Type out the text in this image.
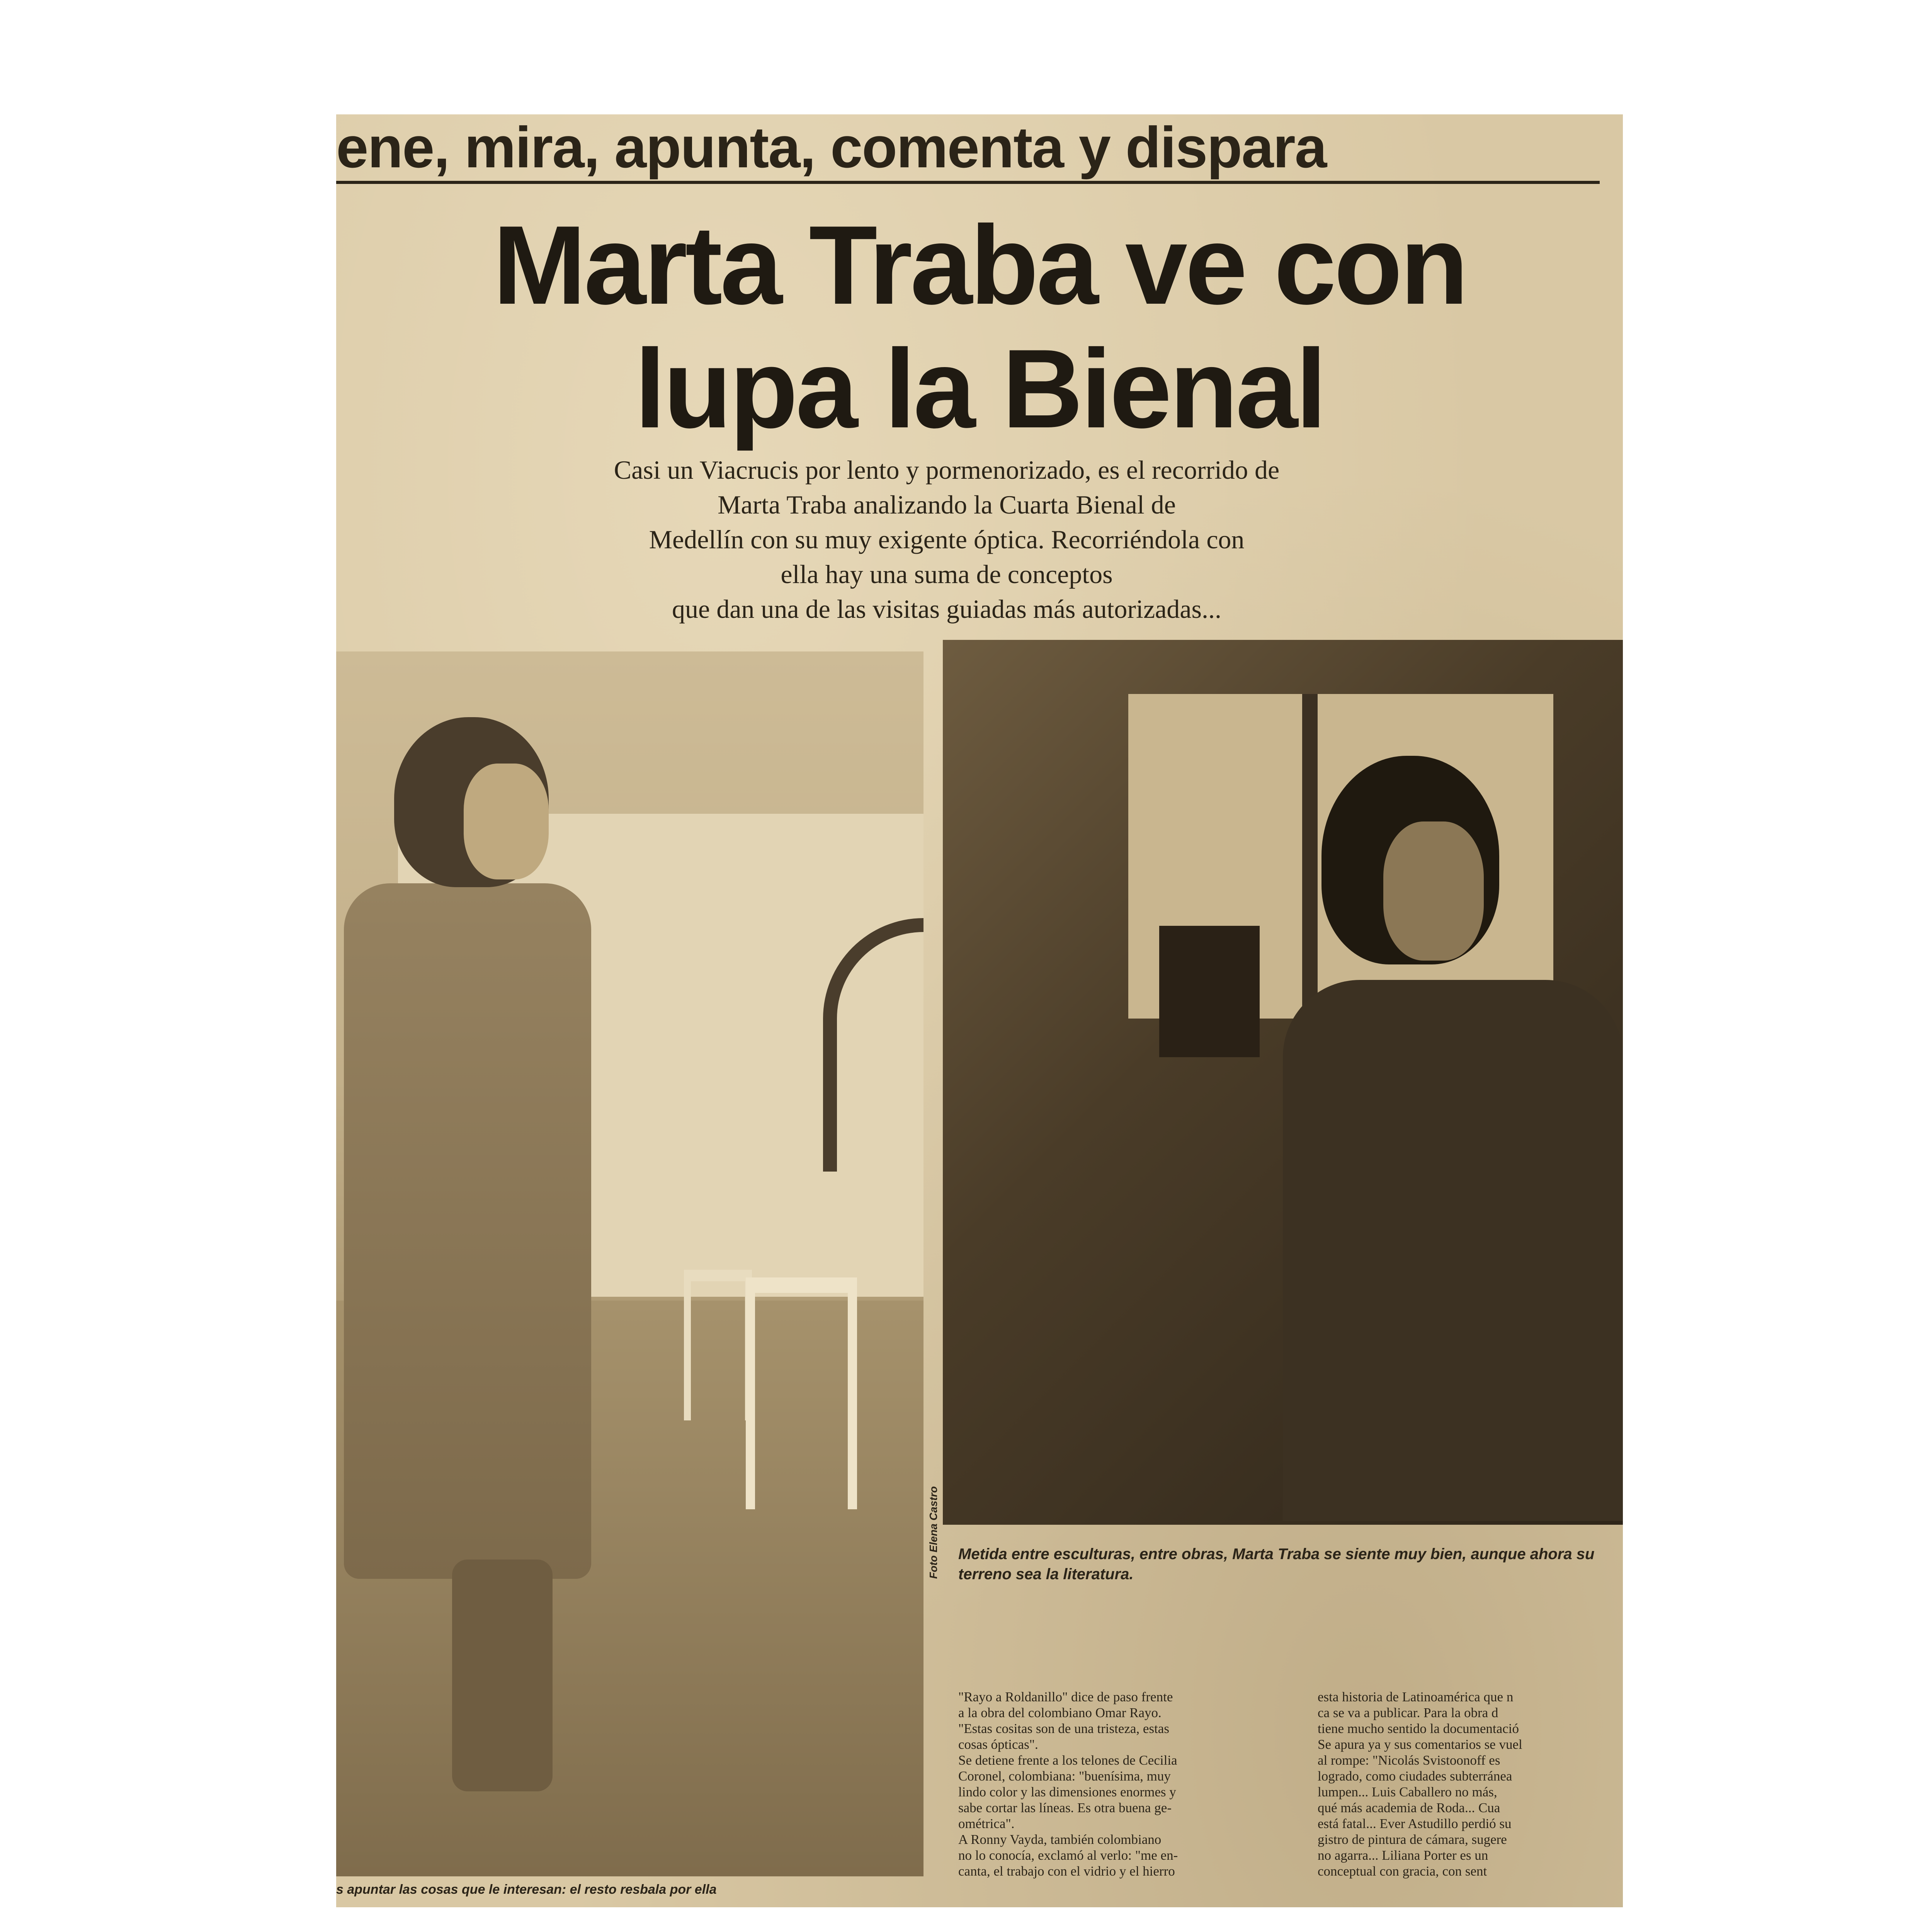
ene, mira, apunta, comenta y dispara
Marta Traba ve con
lupa la Bienal
Casi un Viacrucis por lento y pormenorizado, es el recorrido de
Marta Traba analizando la Cuarta Bienal de
Medellín con su muy exigente óptica. Recorriéndola con
ella hay una suma de conceptos
que dan una de las visitas guiadas más autorizadas...
Foto Elena Castro	Metida entre esculturas, entre obras, Marta Traba se siente muy bien, aunque ahora su terreno sea la literatura.
"Rayo a Roldanillo" dice de paso frente
a la obra del colombiano Omar Rayo.
"Estas cositas son de una tristeza, estas
cosas ópticas".
Se detiene frente a los telones de Cecilia
Coronel, colombiana: "buenísima, muy
lindo color y las dimensiones enormes y
sabe cortar las líneas. Es otra buena ge-
ométrica".
A Ronny Vayda, también colombiano
no lo conocía, exclamó al verlo: "me en-
canta, el trabajo con el vidrio y el hierro
esta historia de Latinoamérica que n
ca se va a publicar. Para la obra d
tiene mucho sentido la documentació
Se apura ya y sus comentarios se vuel
al rompe: "Nicolás Svistoonoff es
logrado, como ciudades subterránea
lumpen... Luis Caballero no más,
qué más academia de Roda... Cua
está fatal... Ever Astudillo perdió su
gistro de pintura de cámara, sugere
no agarra... Liliana Porter es un
conceptual con gracia, con sent
s apuntar las cosas que le interesan: el resto resbala por ella
